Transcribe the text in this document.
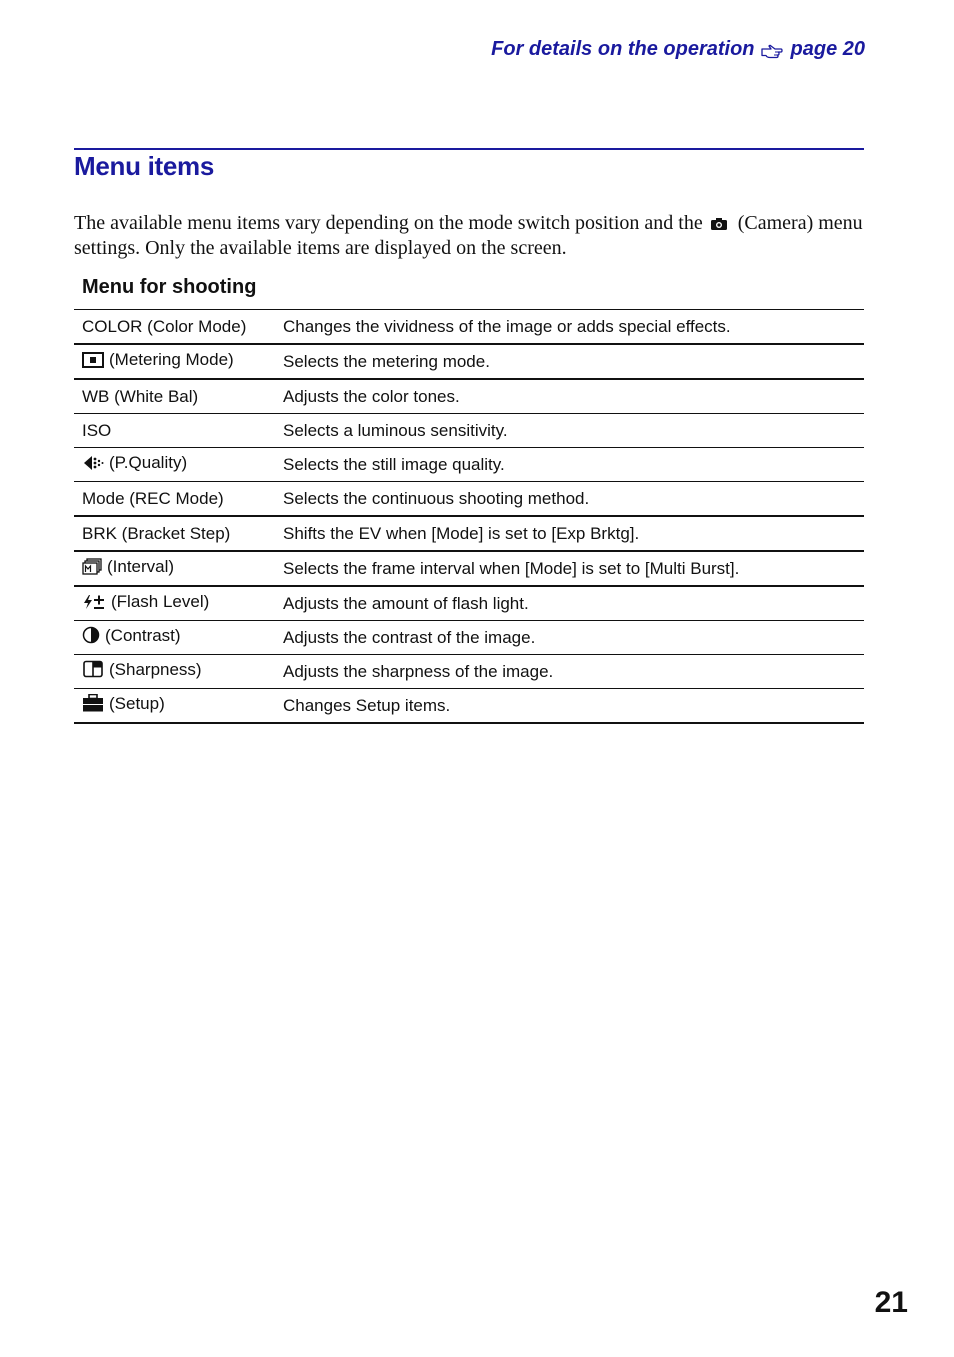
For details on the operation page 20
Menu items

The available menu items vary depending on the mode switch position and the (Camera) menu settings. Only the available items are displayed on the screen.

Menu for shooting
COLOR (Color Mode)	Changes the vividness of the image or adds special effects.
(Metering Mode)	Selects the metering mode.
WB (White Bal)	Adjusts the color tones.
ISO	Selects a luminous sensitivity.
(P.Quality)	Selects the still image quality.
Mode (REC Mode)	Selects the continuous shooting method.
BRK (Bracket Step)	Shifts the EV when [Mode] is set to [Exp Brktg].
(Interval)	Selects the frame interval when [Mode] is set to [Multi Burst].
(Flash Level)	Adjusts the amount of flash light.
(Contrast)	Adjusts the contrast of the image.
(Sharpness)	Adjusts the sharpness of the image.
(Setup)	Changes Setup items.
21
